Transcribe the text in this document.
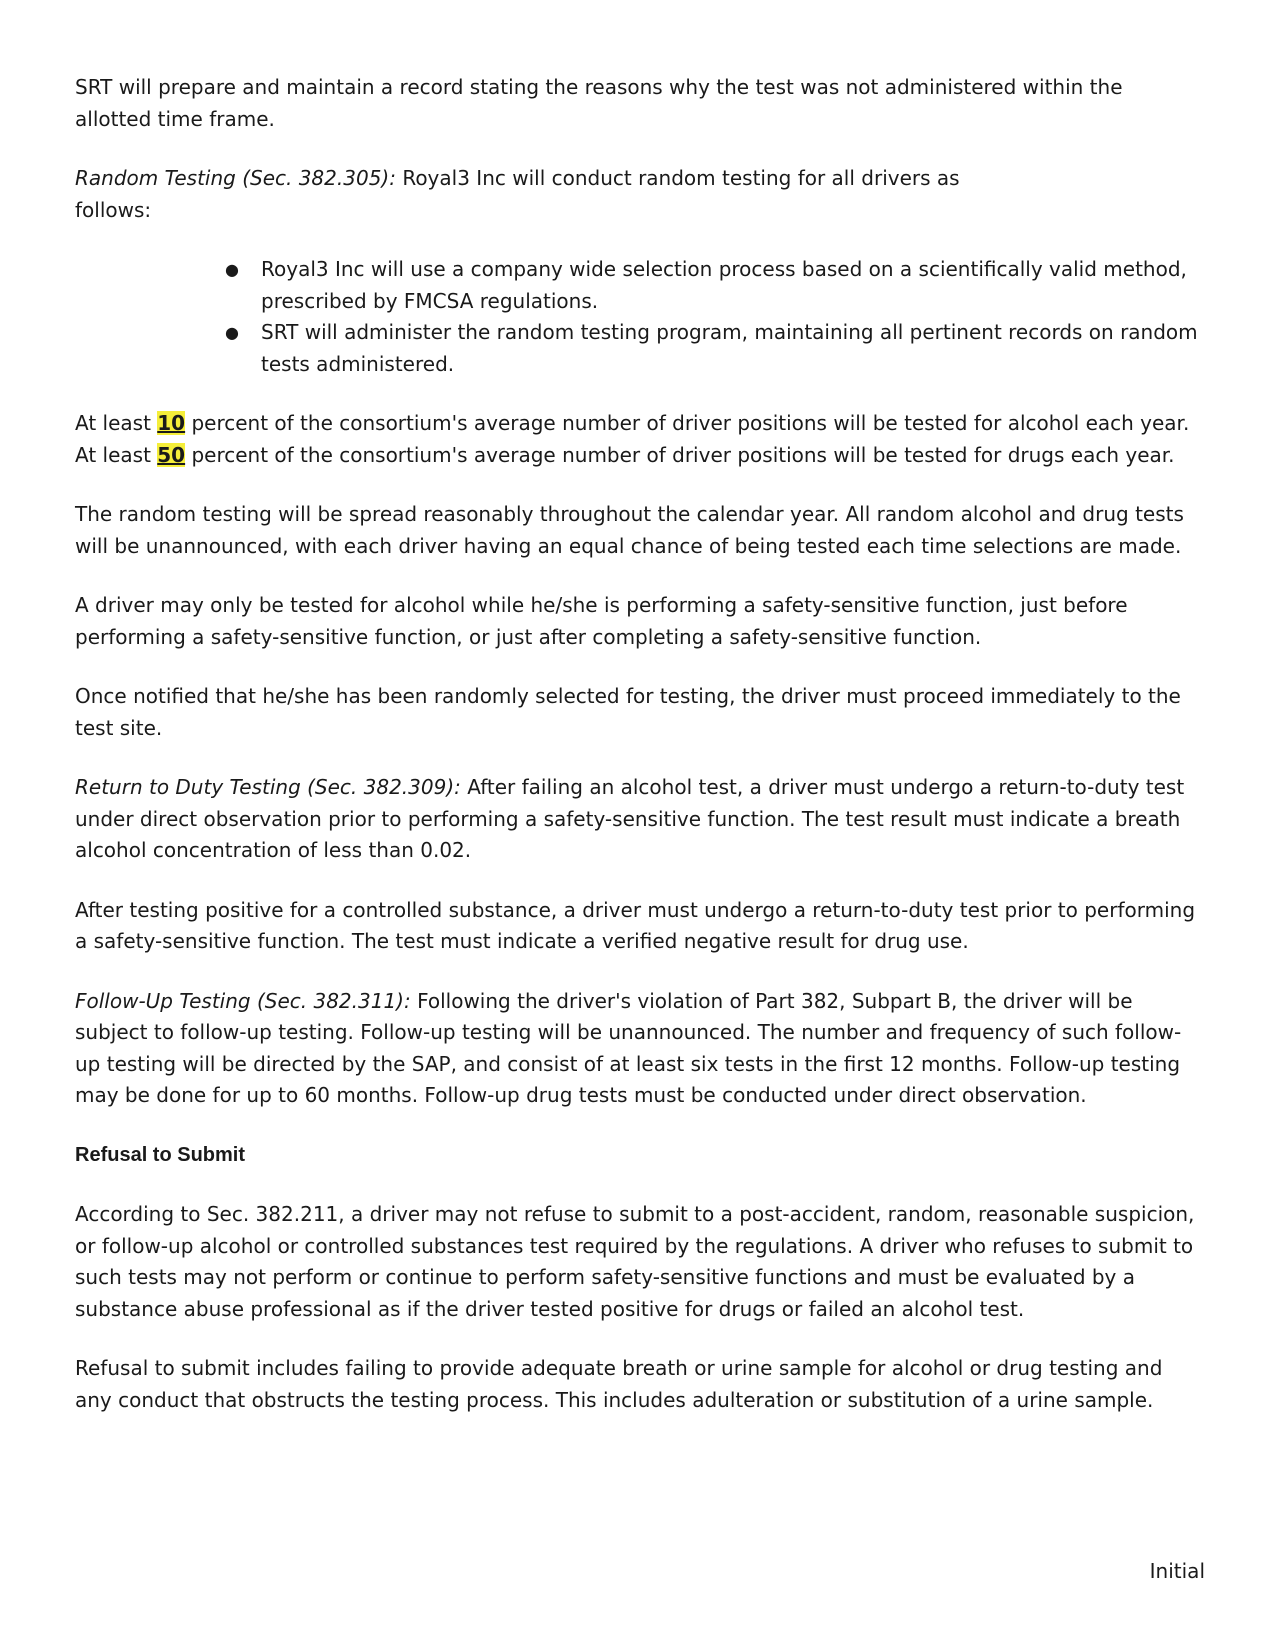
SRT will prepare and maintain a record stating the reasons why the test was not administered within the allotted time frame.

Random Testing (Sec. 382.305): Royal3 Inc will conduct random testing for all drivers as follows:

● Royal3 Inc will use a company wide selection process based on a scientifically valid method, prescribed by FMCSA regulations.
● SRT will administer the random testing program, maintaining all pertinent records on random tests administered.

At least 10 percent of the consortium's average number of driver positions will be tested for alcohol each year.
At least 50 percent of the consortium's average number of driver positions will be tested for drugs each year.

The random testing will be spread reasonably throughout the calendar year. All random alcohol and drug tests will be unannounced, with each driver having an equal chance of being tested each time selections are made.

A driver may only be tested for alcohol while he/she is performing a safety-sensitive function, just before performing a safety-sensitive function, or just after completing a safety-sensitive function.

Once notified that he/she has been randomly selected for testing, the driver must proceed immediately to the test site.

Return to Duty Testing (Sec. 382.309): After failing an alcohol test, a driver must undergo a return-to-duty test under direct observation prior to performing a safety-sensitive function. The test result must indicate a breath alcohol concentration of less than 0.02.

After testing positive for a controlled substance, a driver must undergo a return-to-duty test prior to performing a safety-sensitive function. The test must indicate a verified negative result for drug use.

Follow-Up Testing (Sec. 382.311): Following the driver's violation of Part 382, Subpart B, the driver will be subject to follow-up testing. Follow-up testing will be unannounced. The number and frequency of such follow-up testing will be directed by the SAP, and consist of at least six tests in the first 12 months. Follow-up testing may be done for up to 60 months. Follow-up drug tests must be conducted under direct observation.

Refusal to Submit

According to Sec. 382.211, a driver may not refuse to submit to a post-accident, random, reasonable suspicion, or follow-up alcohol or controlled substances test required by the regulations. A driver who refuses to submit to such tests may not perform or continue to perform safety-sensitive functions and must be evaluated by a substance abuse professional as if the driver tested positive for drugs or failed an alcohol test.

Refusal to submit includes failing to provide adequate breath or urine sample for alcohol or drug testing and any conduct that obstructs the testing process. This includes adulteration or substitution of a urine sample.

Initial
